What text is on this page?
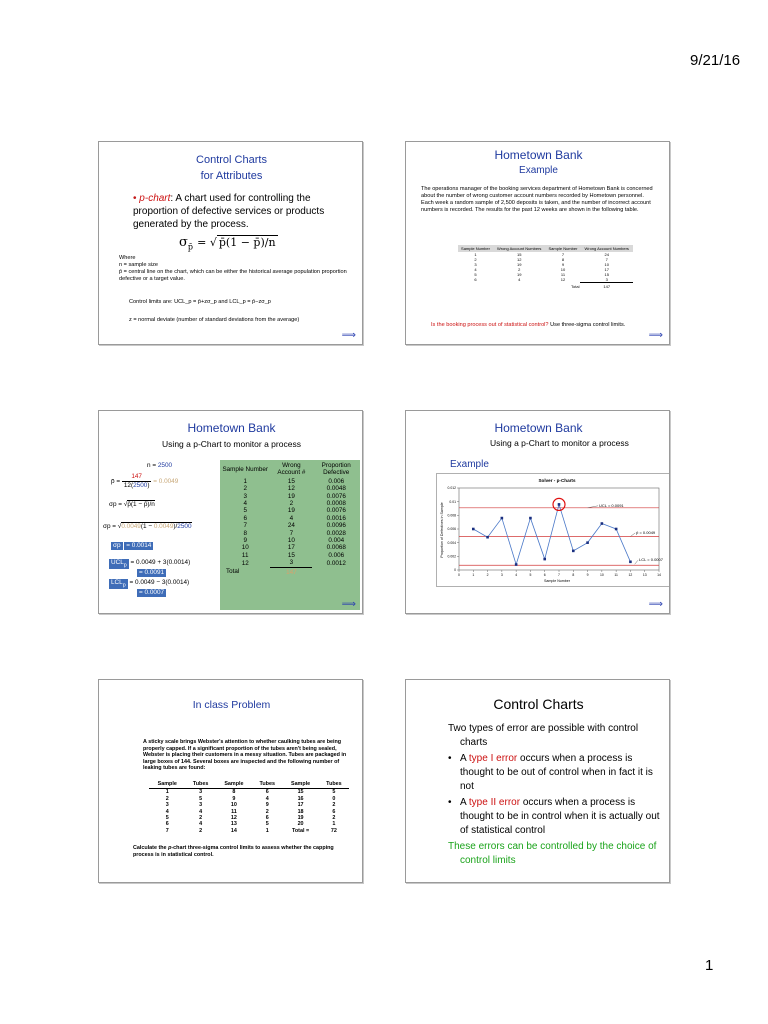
9/21/16
Control Charts
for Attributes
• p-chart: A chart used for controlling the proportion of defective services or products generated by the process.
$\sigma_{p̄}$ = √ p̄(1 − p̄)/n
Where
n = sample size
p̄ = central line on the chart, which can be either the historical average population proportion defective or a target value.
Control limits are: UCL_p = p̄+zσ_p and LCL_p = p̄−zσ_p
z = normal deviate (number of standard deviations from the average)
⟹
Hometown Bank
Example
The operations manager of the booking services department of Hometown Bank is concerned about the number of wrong customer account numbers recorded by Hometown personnel.
Each week a random sample of 2,500 deposits is taken, and the number of incorrect account numbers is recorded. The results for the past 12 weeks are shown in the following table.
Sample Number	Wrong Account Numbers	Sample Number	Wrong Account Numbers
1	15	7	24
2	12	8	7
3	19	9	10
4	2	10	17
5	19	11	15
6	4	12	3
		Total	147
Is the booking process out of statistical control? Use three-sigma control limits.
⟹
Hometown Bank
Using a p-Chart to monitor a process
n = 2500
p̄ = $\frac{147}{12(2500)} = 0.0049$
σp = √p̄(1 − p̄)/n
σp = √0.0049(1 − 0.0049)/2500
σp = 0.0014
$UCL_p = 0.0049 + 3(0.0014)$
= 0.0091
$LCL_p = 0.0049 - 3(0.0014)$
= 0.0007
Sample Number	Wrong Account #	Proportion Defective
1	15	0.006
2	12	0.0048
3	19	0.0076
4	2	0.0008
5	19	0.0076
6	4	0.0016
7	24	0.0096
8	7	0.0028
9	10	0.004
10	17	0.0068
11	15	0.006
12	3	0.0012
Total	147	
⟹
Hometown Bank
Using a p-Chart to monitor a process
Example
Solver - p-Charts
Proportion of Defectives in Sample
Sample Number
0
0.002
0.004
0.006
0.008
0.01
0.012
0	1	2	3	4	5	6	7	8	9	10	11	12	13	14
UCL = 0.0091
p̄ = 0.0049
LCL = 0.0007
⟹
In class Problem
A sticky scale brings Webster's attention to whether caulking tubes are being properly capped. If a significant proportion of the tubes aren't being sealed, Webster is placing their customers in a messy situation. Tubes are packaged in large boxes of 144. Several boxes are inspected and the following number of leaking tubes are found:
Sample	Tubes	Sample	Tubes	Sample	Tubes
1	3	8	6	15	5
2	5	9	4	16	0
3	3	10	9	17	2
4	4	11	2	18	6
5	2	12	6	19	2
6	4	13	5	20	1
7	2	14	1	Total =	72
Calculate the p-chart three-sigma control limits to assess whether the capping process is in statistical control.
Control Charts
Two types of error are possible with control charts
• A type I error occurs when a process is thought to be out of control when in fact it is not
• A type II error occurs when a process is thought to be in control when it is actually out of statistical control
These errors can be controlled by the choice of control limits
1
